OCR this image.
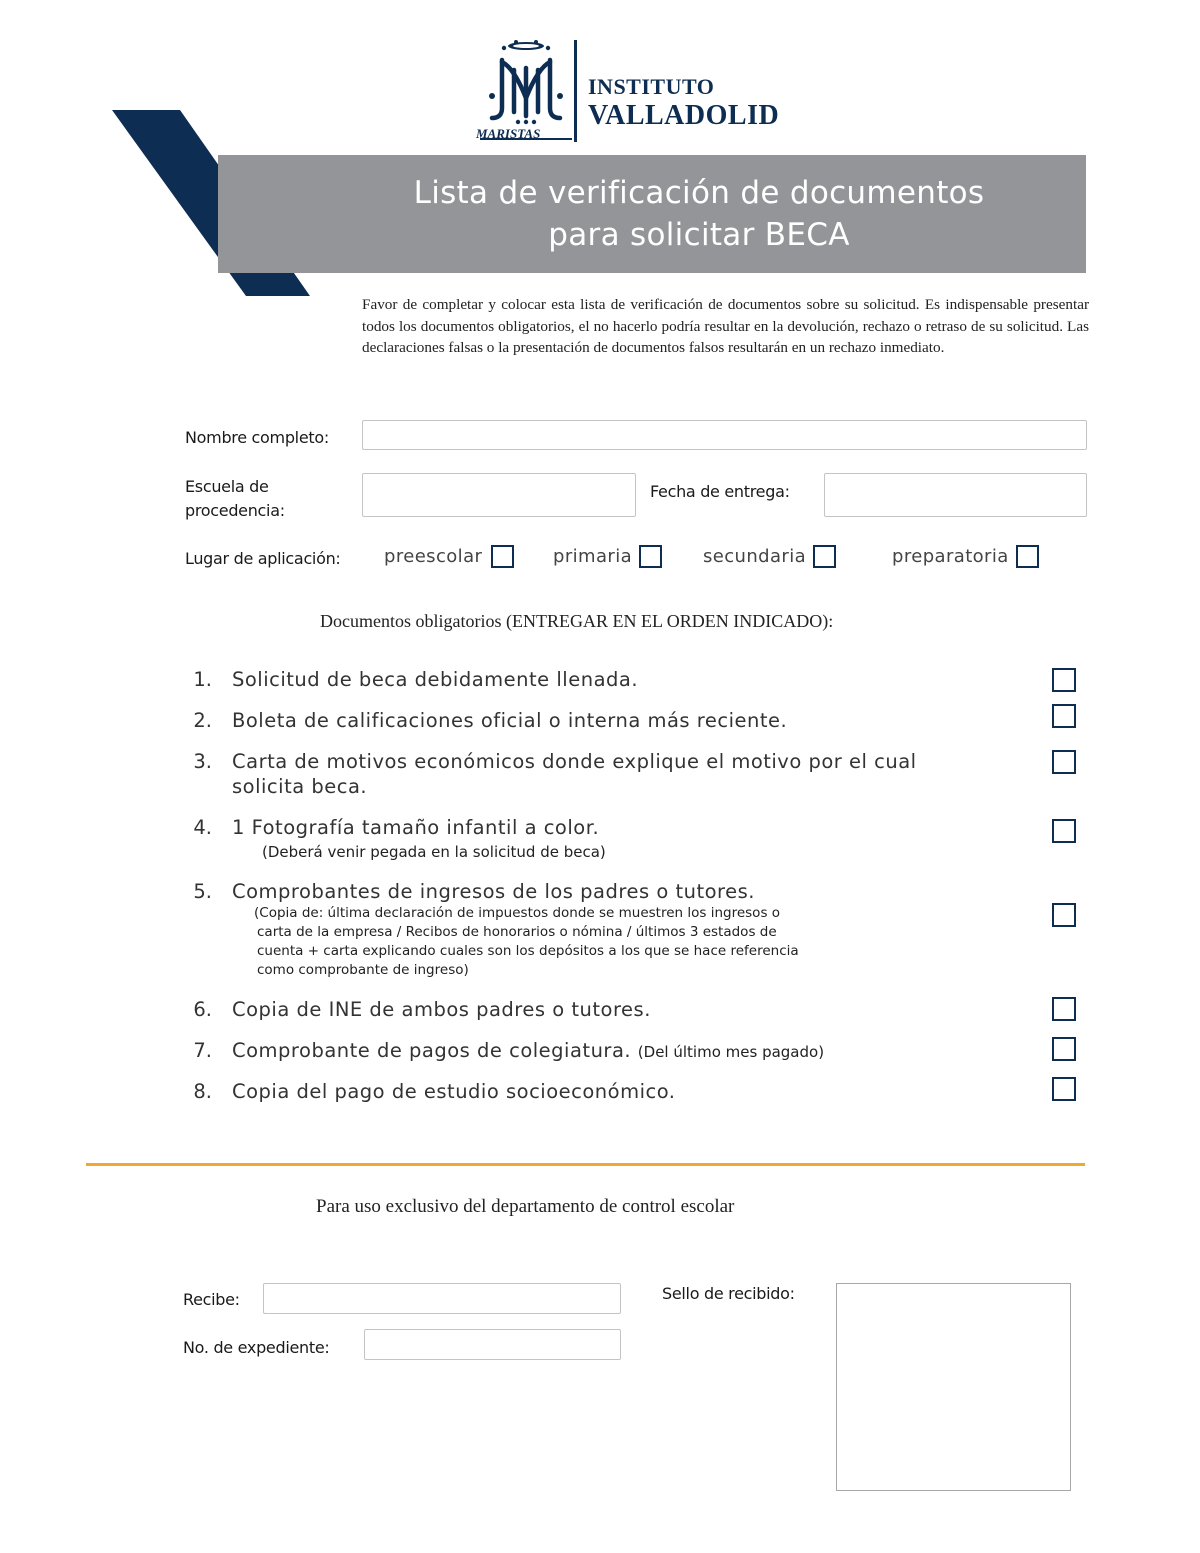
MARISTAS
INSTITUTO
VALLADOLID
Lista de verificación de documentos
para solicitar BECA
Favor de completar y colocar esta lista de verificación de documentos sobre su solicitud. Es indispensable presentar todos los documentos obligatorios, el no hacerlo podría resultar en la devolución, rechazo o retraso de su solicitud. Las declaraciones falsas o la presentación de documentos falsos resultarán en un rechazo inmediato.
Nombre completo:
Escuela de
procedencia:
Fecha de entrega:
Lugar de aplicación: preescolar	primaria	secundaria	preparatoria
Documentos obligatorios (ENTREGAR EN EL ORDEN INDICADO):
1. Solicitud de beca debidamente llenada.
2. Boleta de calificaciones oficial o interna más reciente.
3. Carta de motivos económicos donde explique el motivo por el cual
solicita beca.
4. 1 Fotografía tamaño infantil a color.
(Deberá venir pegada en la solicitud de beca)
5. Comprobantes de ingresos de los padres o tutores.
(Copia de: última declaración de impuestos donde se muestren los ingresos o
carta de la empresa / Recibos de honorarios o nómina / últimos 3 estados de
cuenta + carta explicando cuales son los depósitos a los que se hace referencia
como comprobante de ingreso)
6. Copia de INE de ambos padres o tutores.
7. Comprobante de pagos de colegiatura. (Del último mes pagado)
8. Copia del pago de estudio socioeconómico.
Para uso exclusivo del departamento de control escolar
Recibe:
No. de expediente:
Sello de recibido:
